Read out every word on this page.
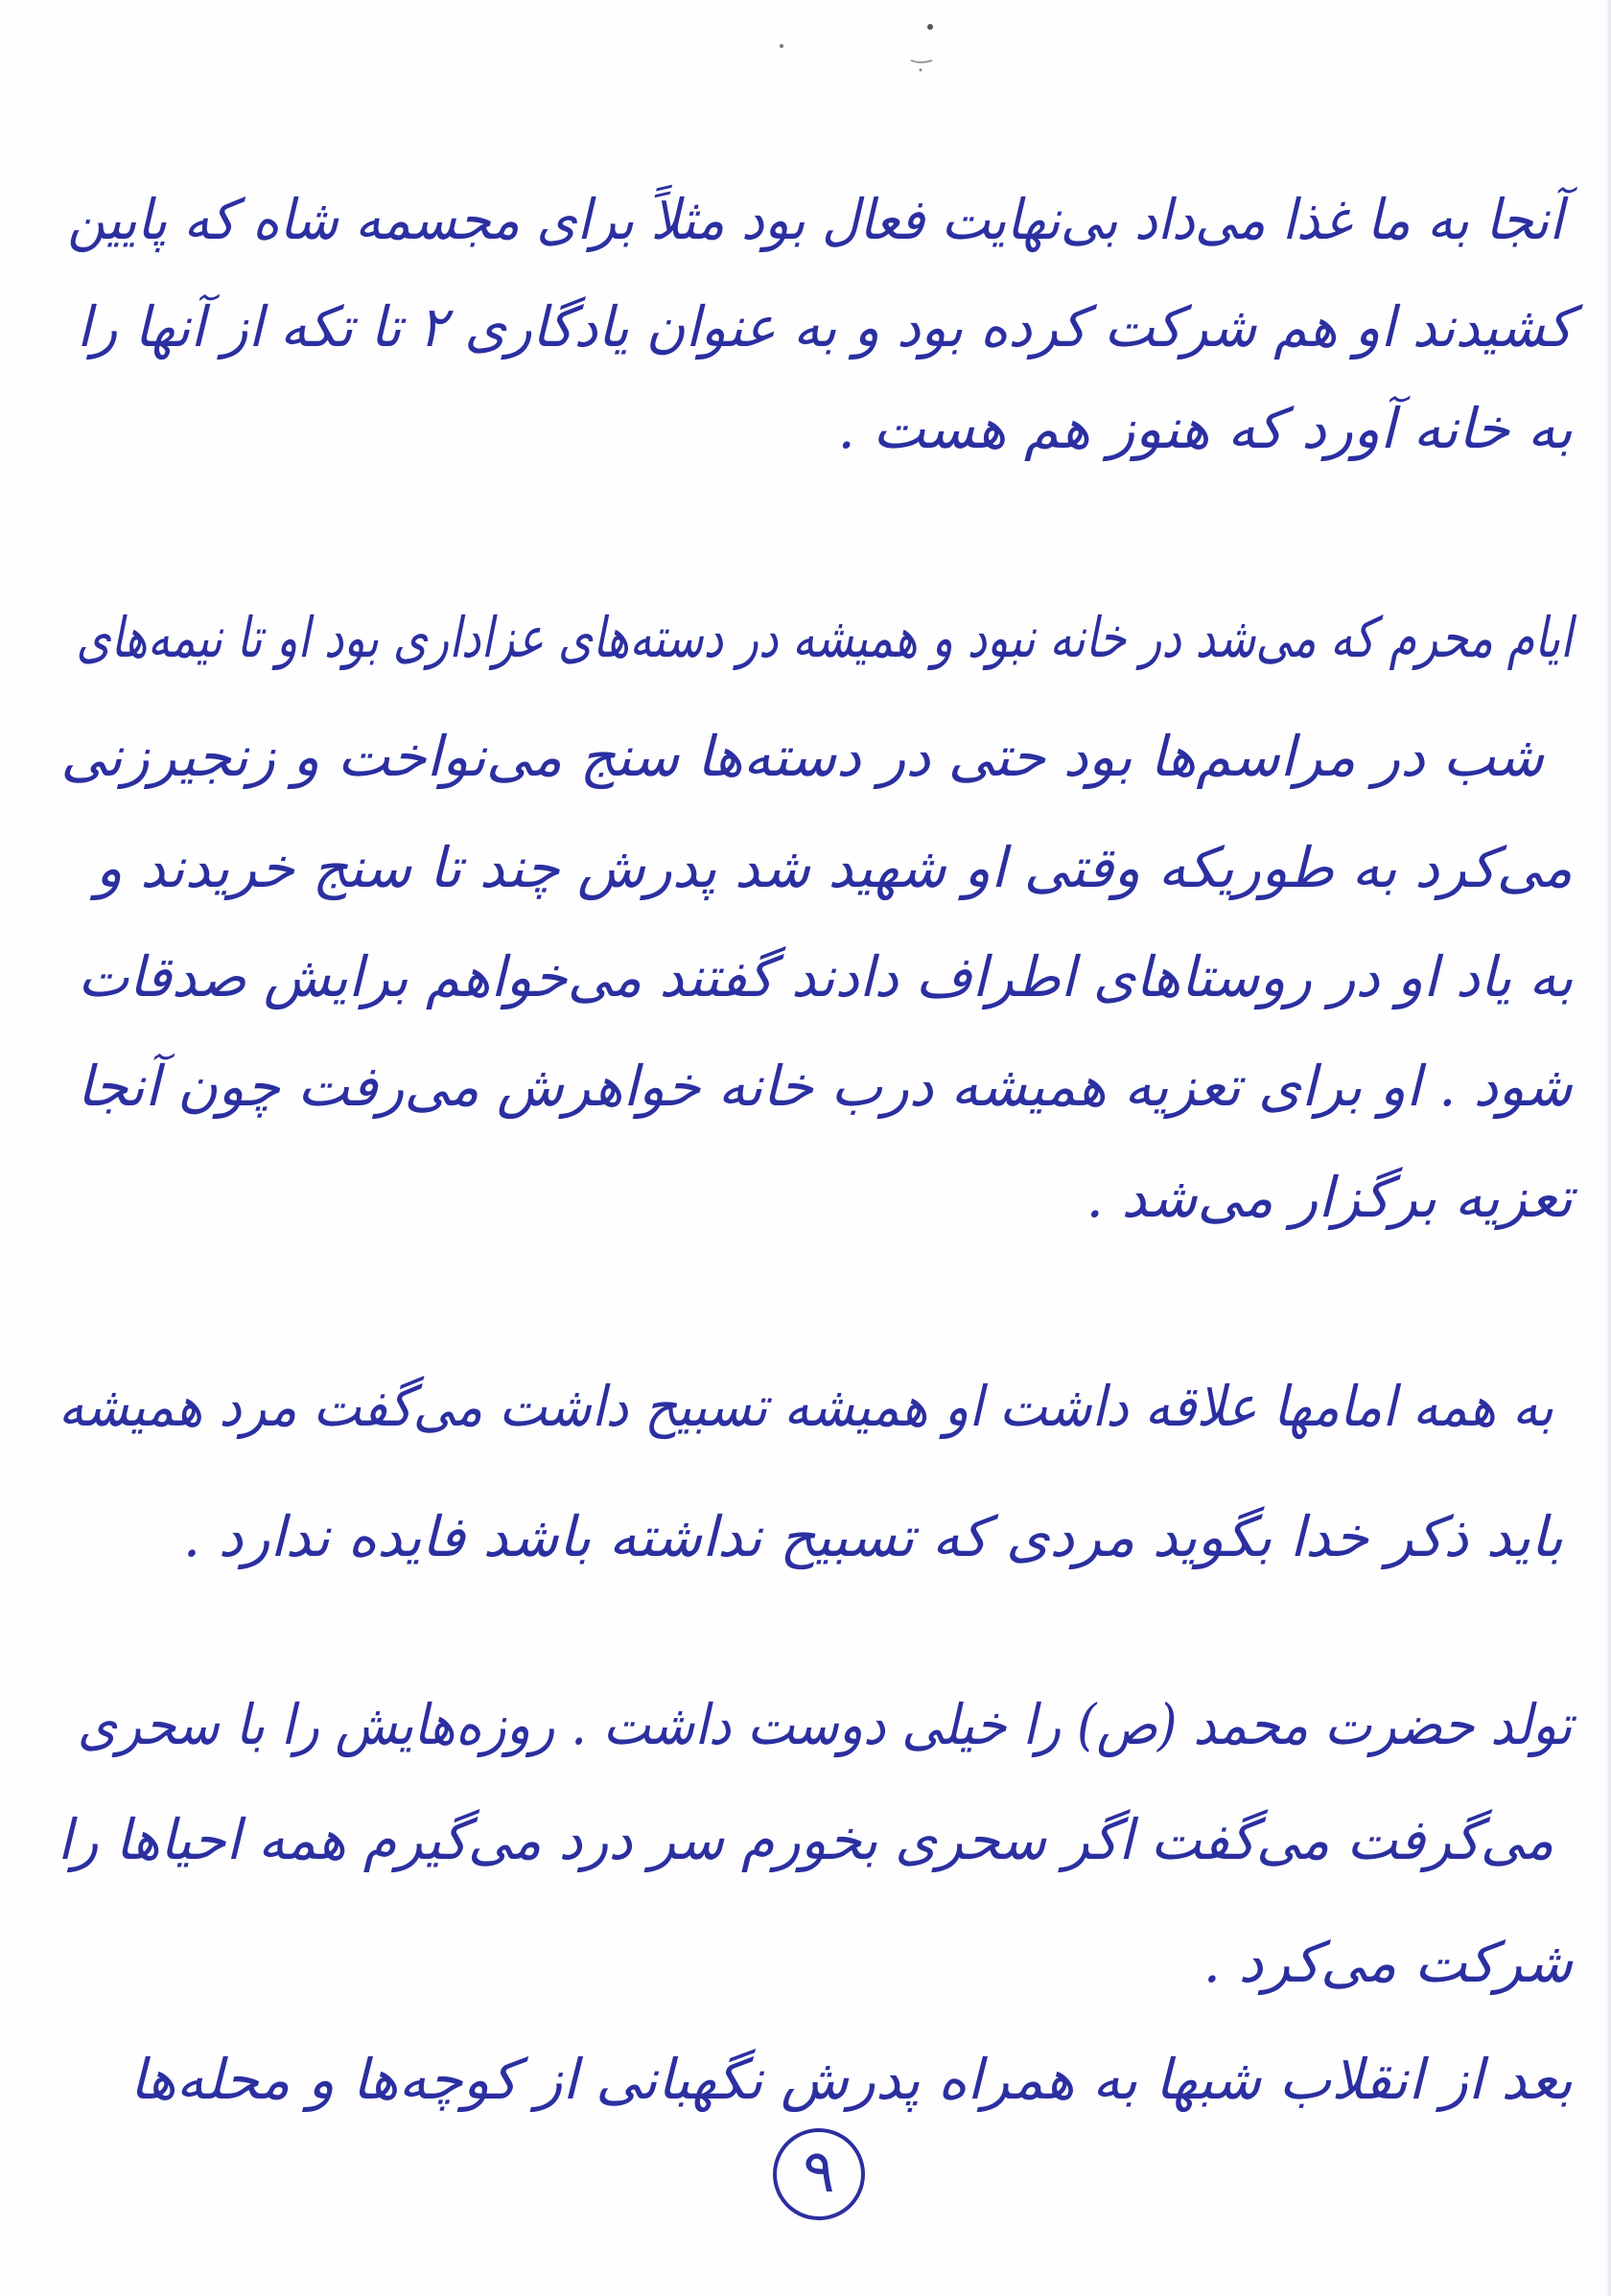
آنجا به ما غذا می‌داد بی‌نهایت فعال بود مثلاً برای مجسمه شاه که پایین
کشیدند او هم شرکت کرده بود و به عنوان یادگاری ۲ تا تکه از آنها را
به خانه آورد که هنوز هم هست .
ایام محرم که می‌شد در خانه نبود و همیشه در دسته‌های عزاداری بود او تا نیمه‌های
شب در مراسم‌ها بود حتی در دسته‌ها سنج می‌نواخت و زنجیرزنی
می‌کرد به طوریکه وقتی او شهید شد پدرش چند تا سنج خریدند و
به یاد او در روستاهای اطراف دادند گفتند می‌خواهم برایش صدقات
شود . او برای تعزیه همیشه درب خانه خواهرش می‌رفت چون آنجا
تعزیه برگزار می‌شد .
به همه امامها علاقه داشت او همیشه تسبیح داشت می‌گفت مرد همیشه
باید ذکر خدا بگوید مردی که تسبیح نداشته باشد فایده ندارد .
تولد حضرت محمد (ص) را خیلی دوست داشت . روزه‌هایش را با سحری
می‌گرفت می‌گفت اگر سحری بخورم سر درد می‌گیرم همه احیاها را
شرکت می‌کرد .
بعد از انقلاب شبها به همراه پدرش نگهبانی از کوچه‌ها و محله‌ها
۹
